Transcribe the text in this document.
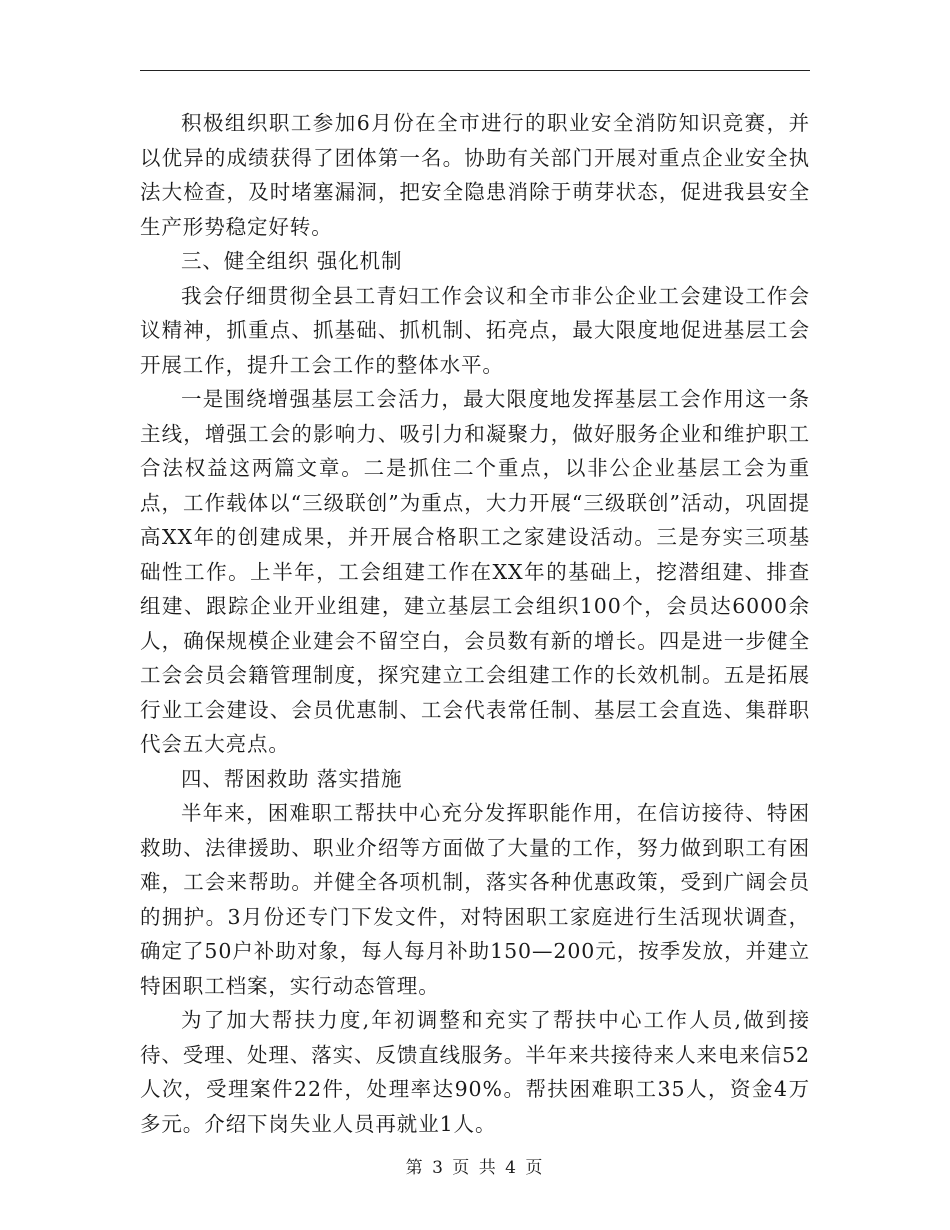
积极组织职工参加6月份在全市进行的职业安全消防知识竞赛，并以优异的成绩获得了团体第一名。协助有关部门开展对重点企业安全执法大检查，及时堵塞漏洞，把安全隐患消除于萌芽状态，促进我县安全生产形势稳定好转。

三、健全组织 强化机制

我会仔细贯彻全县工青妇工作会议和全市非公企业工会建设工作会议精神，抓重点、抓基础、抓机制、拓亮点，最大限度地促进基层工会开展工作，提升工会工作的整体水平。

一是围绕增强基层工会活力，最大限度地发挥基层工会作用这一条主线，增强工会的影响力、吸引力和凝聚力，做好服务企业和维护职工合法权益这两篇文章。二是抓住二个重点，以非公企业基层工会为重点，工作载体以“三级联创”为重点，大力开展“三级联创”活动，巩固提高XX年的创建成果，并开展合格职工之家建设活动。三是夯实三项基础性工作。上半年，工会组建工作在XX年的基础上，挖潜组建、排查组建、跟踪企业开业组建，建立基层工会组织100个，会员达6000余人，确保规模企业建会不留空白，会员数有新的增长。四是进一步健全工会会员会籍管理制度，探究建立工会组建工作的长效机制。五是拓展行业工会建设、会员优惠制、工会代表常任制、基层工会直选、集群职代会五大亮点。

四、帮困救助 落实措施

半年来，困难职工帮扶中心充分发挥职能作用，在信访接待、特困救助、法律援助、职业介绍等方面做了大量的工作，努力做到职工有困难，工会来帮助。并健全各项机制，落实各种优惠政策，受到广阔会员的拥护。3月份还专门下发文件，对特困职工家庭进行生活现状调查，确定了50户补助对象，每人每月补助150—200元，按季发放，并建立特困职工档案，实行动态管理。

为了加大帮扶力度,年初调整和充实了帮扶中心工作人员,做到接待、受理、处理、落实、反馈直线服务。半年来共接待来人来电来信52人次，受理案件22件，处理率达90%。帮扶困难职工35人，资金4万多元。介绍下岗失业人员再就业1人。

第 3 页 共 4 页
